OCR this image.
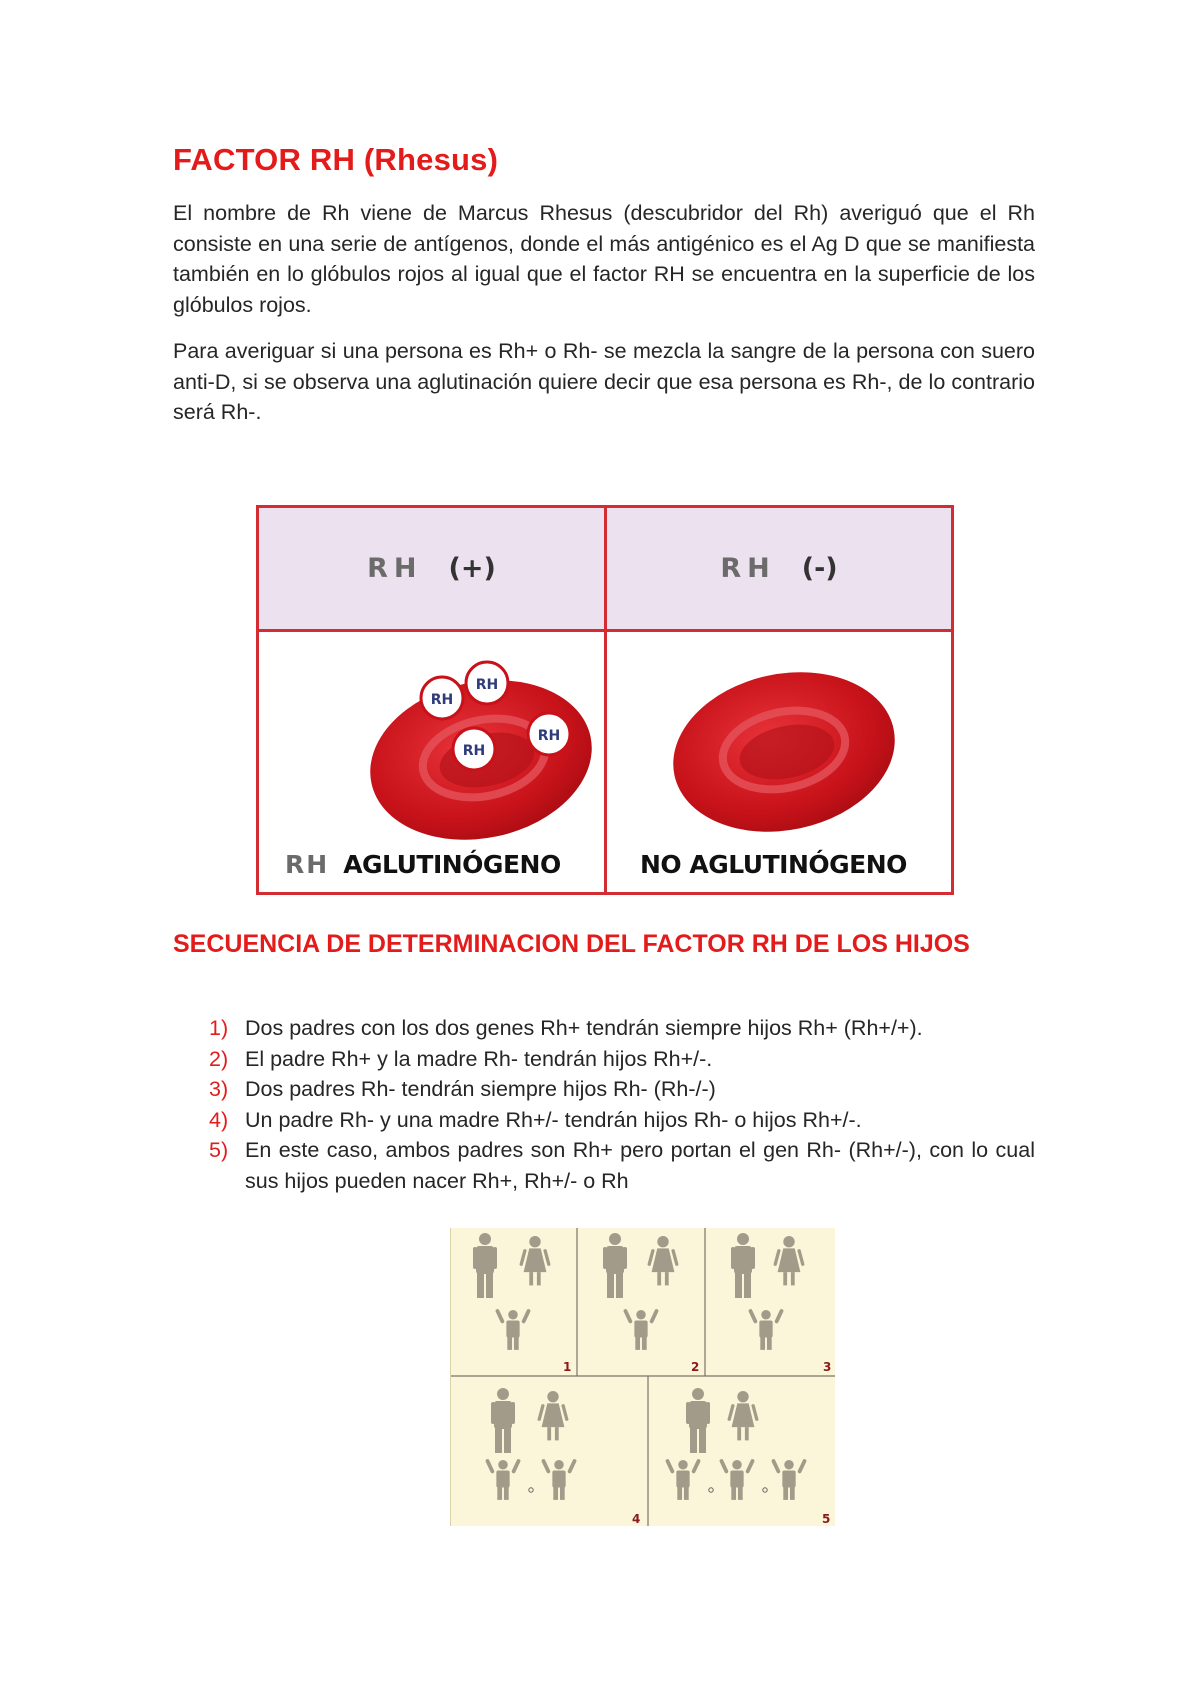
FACTOR RH (Rhesus)

El nombre de Rh viene de Marcus Rhesus (descubridor del Rh) averiguó que el Rh consiste en una serie de antígenos, donde el más antigénico es el Ag D que se manifiesta también en lo glóbulos rojos al igual que el factor RH se encuentra en la superficie de los glóbulos rojos.

Para averiguar si una persona es Rh+ o Rh- se mezcla la sangre de la persona con suero anti-D, si se observa una aglutinación quiere decir que esa persona es Rh-, de lo contrario será Rh-.

RH (+)	RH (-)
RH
RH
RH
RH
RH AGLUTINÓGENO	NO AGLUTINÓGENO
SECUENCIA DE DETERMINACION DEL FACTOR RH DE LOS HIJOS
1) Dos padres con los dos genes Rh+ tendrán siempre hijos Rh+ (Rh+/+).
2) El padre Rh+ y la madre Rh- tendrán hijos Rh+/-.
3) Dos padres Rh- tendrán siempre hijos Rh- (Rh-/-)
4) Un padre Rh- y una madre Rh+/- tendrán hijos Rh- o hijos Rh+/-.
5) En este caso, ambos padres son Rh+ pero portan el gen Rh- (Rh+/-), con lo cual sus hijos pueden nacer Rh+, Rh+/- o Rh
1	2	3
4	5
